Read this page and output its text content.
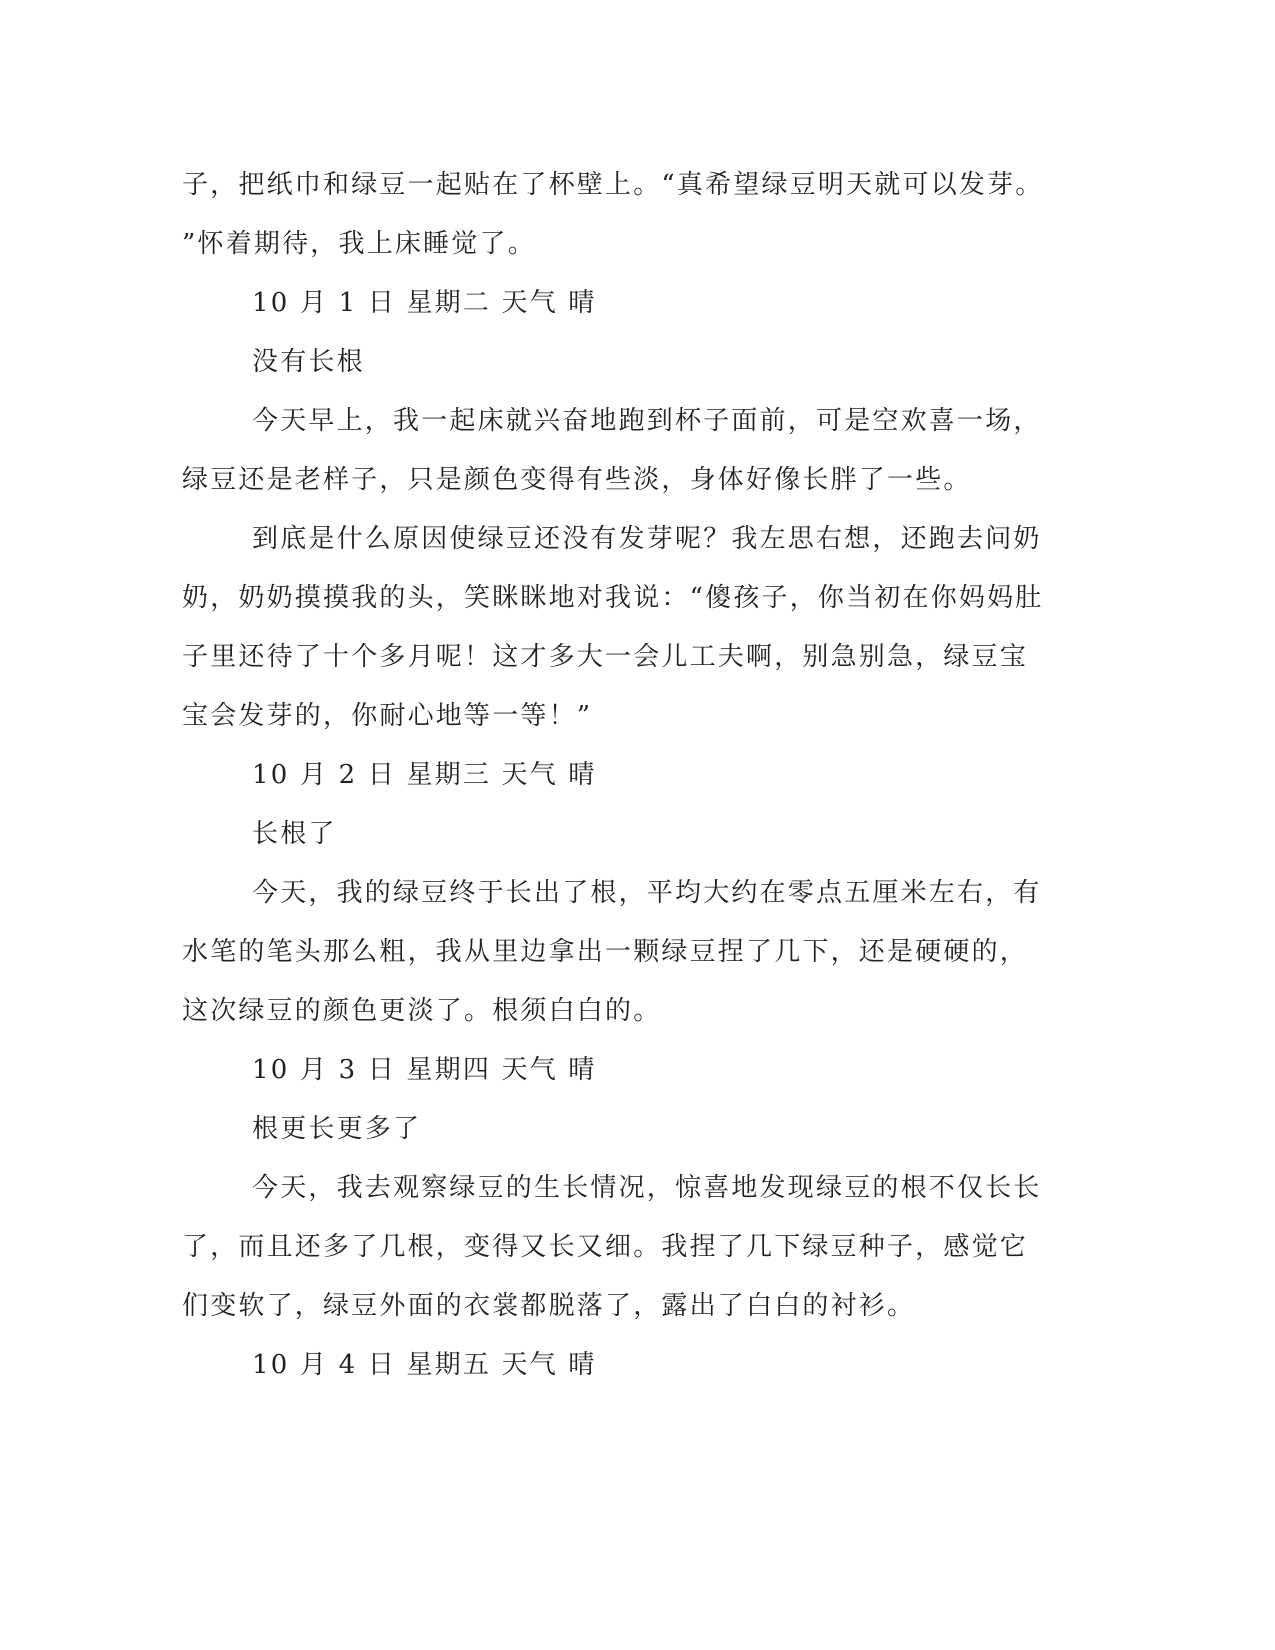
子，把纸巾和绿豆一起贴在了杯壁上。“真希望绿豆明天就可以发芽。
”怀着期待，我上床睡觉了。
10 月 1 日 星期二 天气 晴
没有长根
今天早上，我一起床就兴奋地跑到杯子面前，可是空欢喜一场，
绿豆还是老样子，只是颜色变得有些淡，身体好像长胖了一些。
到底是什么原因使绿豆还没有发芽呢？我左思右想，还跑去问奶
奶，奶奶摸摸我的头，笑眯眯地对我说：“傻孩子，你当初在你妈妈肚
子里还待了十个多月呢！这才多大一会儿工夫啊，别急别急，绿豆宝
宝会发芽的，你耐心地等一等！”
10 月 2 日 星期三 天气 晴
长根了
今天，我的绿豆终于长出了根，平均大约在零点五厘米左右，有
水笔的笔头那么粗，我从里边拿出一颗绿豆捏了几下，还是硬硬的，
这次绿豆的颜色更淡了。根须白白的。
10 月 3 日 星期四 天气 晴
根更长更多了
今天，我去观察绿豆的生长情况，惊喜地发现绿豆的根不仅长长
了，而且还多了几根，变得又长又细。我捏了几下绿豆种子，感觉它
们变软了，绿豆外面的衣裳都脱落了，露出了白白的衬衫。
10 月 4 日 星期五 天气 晴
